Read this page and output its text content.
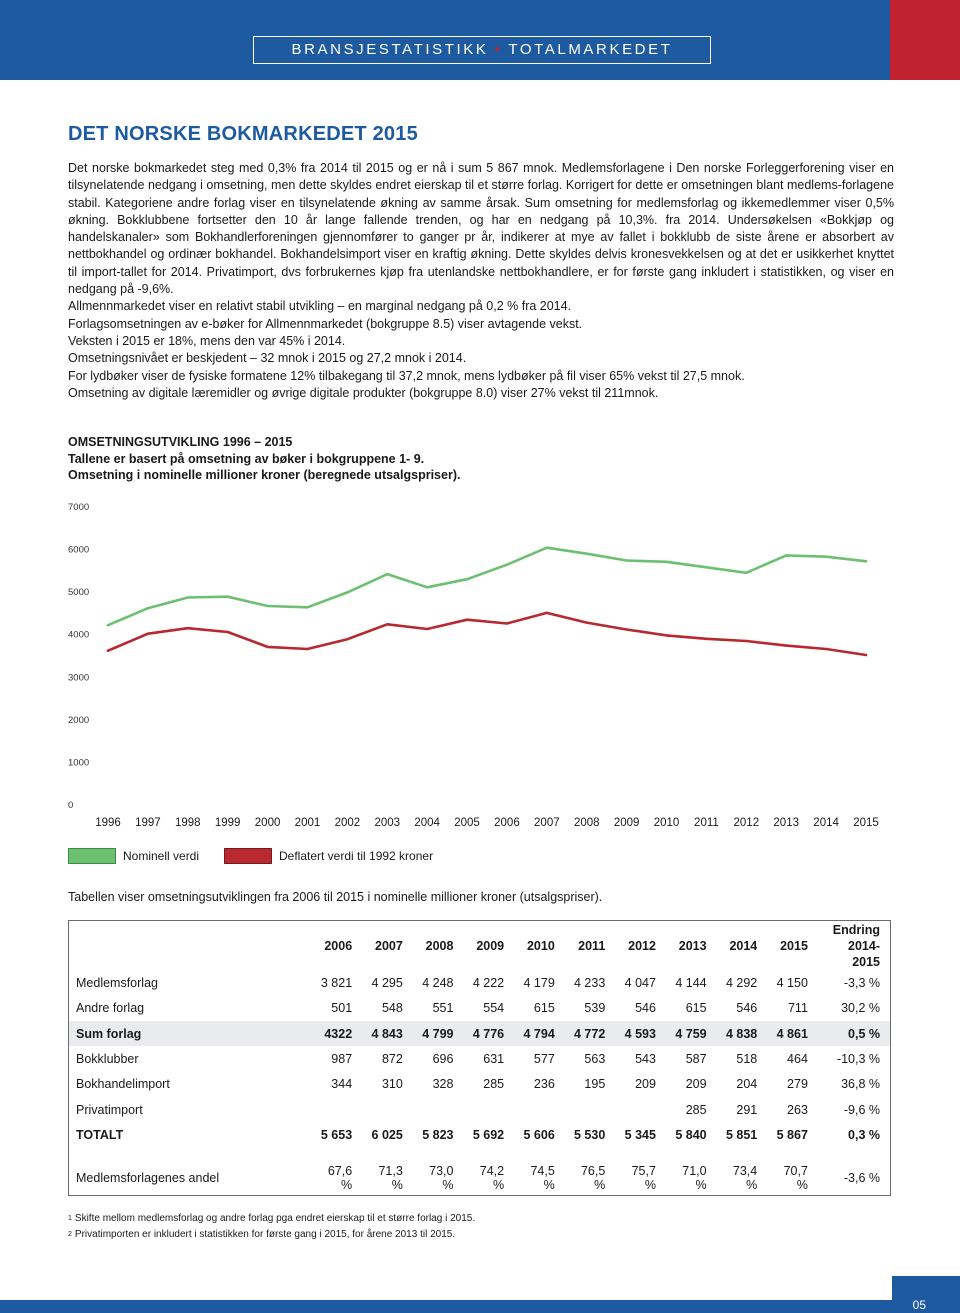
BRANSJESTATISTIKK • TOTALMARKEDET
DET NORSKE BOKMARKEDET 2015

Det norske bokmarkedet steg med 0,3% fra 2014 til 2015 og er nå i sum 5 867 mnok. Medlemsforlagene i Den norske Forleggerforening viser en tilsynelatende nedgang i omsetning, men dette skyldes endret eierskap til et større forlag. Korrigert for dette er omsetningen blant medlems-forlagene stabil. Kategoriene andre forlag viser en tilsynelatende økning av samme årsak. Sum omsetning for medlemsforlag og ikkemedlemmer viser 0,5% økning. Bokklubbene fortsetter den 10 år lange fallende trenden, og har en nedgang på 10,3%. fra 2014. Undersøkelsen «Bokkjøp og handelskanaler» som Bokhandlerforeningen gjennomfører to ganger pr år, indikerer at mye av fallet i bokklubb de siste årene er absorbert av nettbokhandel og ordinær bokhandel. Bokhandelsimport viser en kraftig økning. Dette skyldes delvis kronesvekkelsen og at det er usikkerhet knyttet til import-tallet for 2014. Privatimport, dvs forbrukernes kjøp fra utenlandske nettbokhandlere, er for første gang inkludert i statistikken, og viser en nedgang på -9,6%.

Allmennmarkedet viser en relativt stabil utvikling – en marginal nedgang på 0,2 % fra 2014.

Forlagsomsetningen av e-bøker for Allmennmarkedet (bokgruppe 8.5) viser avtagende vekst.

Veksten i 2015 er 18%, mens den var 45% i 2014.

Omsetningsnivået er beskjedent – 32 mnok i 2015 og 27,2 mnok i 2014.

For lydbøker viser de fysiske formatene 12% tilbakegang til 37,2 mnok, mens lydbøker på fil viser 65% vekst til 27,5 mnok.

Omsetning av digitale læremidler og øvrige digitale produkter (bokgruppe 8.0) viser 27% vekst til 211mnok.

OMSETNINGSUTVIKLING 1996 – 2015
Tallene er basert på omsetning av bøker i bokgruppene 1- 9.
Omsetning i nominelle millioner kroner (beregnede utsalgspriser).
0
1000
2000
3000
4000
5000
6000
7000
1996 1997 1998 1999 2000 2001 2002 2003 2004 2005 2006 2007 2008 2009 2010 2011 2012 2013 2014 2015
Nominell verdi	Deflatert verdi til 1992 kroner
Tabellen viser omsetningsutviklingen fra 2006 til 2015 i nominelle millioner kroner (utsalgspriser).
	2006	2007	2008	2009	2010	2011	2012	2013	2014	2015	Endring
2014-2015
Medlemsforlag	3 821	4 295	4 248	4 222	4 179	4 233	4 047	4 144	4 292	4 150	-3,3 %
Andre forlag	501	548	551	554	615	539	546	615	546	711	30,2 %
Sum forlag	4322	4 843	4 799	4 776	4 794	4 772	4 593	4 759	4 838	4 861	0,5 %
Bokklubber	987	872	696	631	577	563	543	587	518	464	-10,3 %
Bokhandelimport	344	310	328	285	236	195	209	209	204	279	36,8 %
Privatimport								285	291	263	-9,6 %
TOTALT	5 653	6 025	5 823	5 692	5 606	5 530	5 345	5 840	5 851	5 867	0,3 %

Medlemsforlagenes andel	67,6 %	71,3 %	73,0 %	74,2 %	74,5 %	76,5 %	75,7 %	71,0 %	73,4 %	70,7 %	-3,6 %
$^1$ Skifte mellom medlemsforlag og andre forlag pga endret eierskap til et større forlag i 2015.
$^2$ Privatimporten er inkludert i statistikken for første gang i 2015, for årene 2013 til 2015.
05
